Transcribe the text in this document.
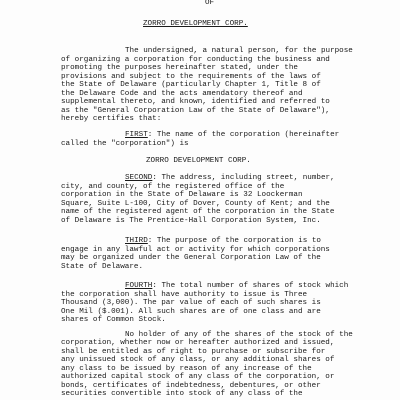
OF

ZORRO DEVELOPMENT CORP.

The undersigned, a natural person, for the purpose

of organizing a corporation for conducting the business and

promoting the purposes hereinafter stated, under the

provisions and subject to the requirements of the laws of

the State of Delaware (particularly Chapter 1, Title 8 of

the Delaware Code and the acts amendatory thereof and

supplemental thereto, and known, identified and referred to

as the "General Corporation Law of the State of Delaware"),

hereby certifies that:

FIRST: The name of the corporation (hereinafter

called the "corporation") is

ZORRO DEVELOPMENT CORP.

SECOND: The address, including street, number,

city, and county, of the registered office of the

corporation in the State of Delaware is 32 Loockerman

Square, Suite L-100, City of Dover, County of Kent; and the

name of the registered agent of the corporation in the State

of Delaware is The Prentice-Hall Corporation System, Inc.

THIRD: The purpose of the corporation is to

engage in any lawful act or activity for which corporations

may be organized under the General Corporation Law of the

State of Delaware.

FOURTH: The total number of shares of stock which

the corporation shall have authority to issue is Three

Thousand (3,000). The par value of each of such shares is

One Mil ($.001). All such shares are of one class and are

shares of Common Stock.

No holder of any of the shares of the stock of the

corporation, whether now or hereafter authorized and issued,

shall be entitled as of right to purchase or subscribe for

any unissued stock of any class, or any additional shares of

any class to be issued by reason of any increase of the

authorized capital stock of any class of the corporation, or

bonds, certificates of indebtedness, debentures, or other

securities convertible into stock of any class of the
